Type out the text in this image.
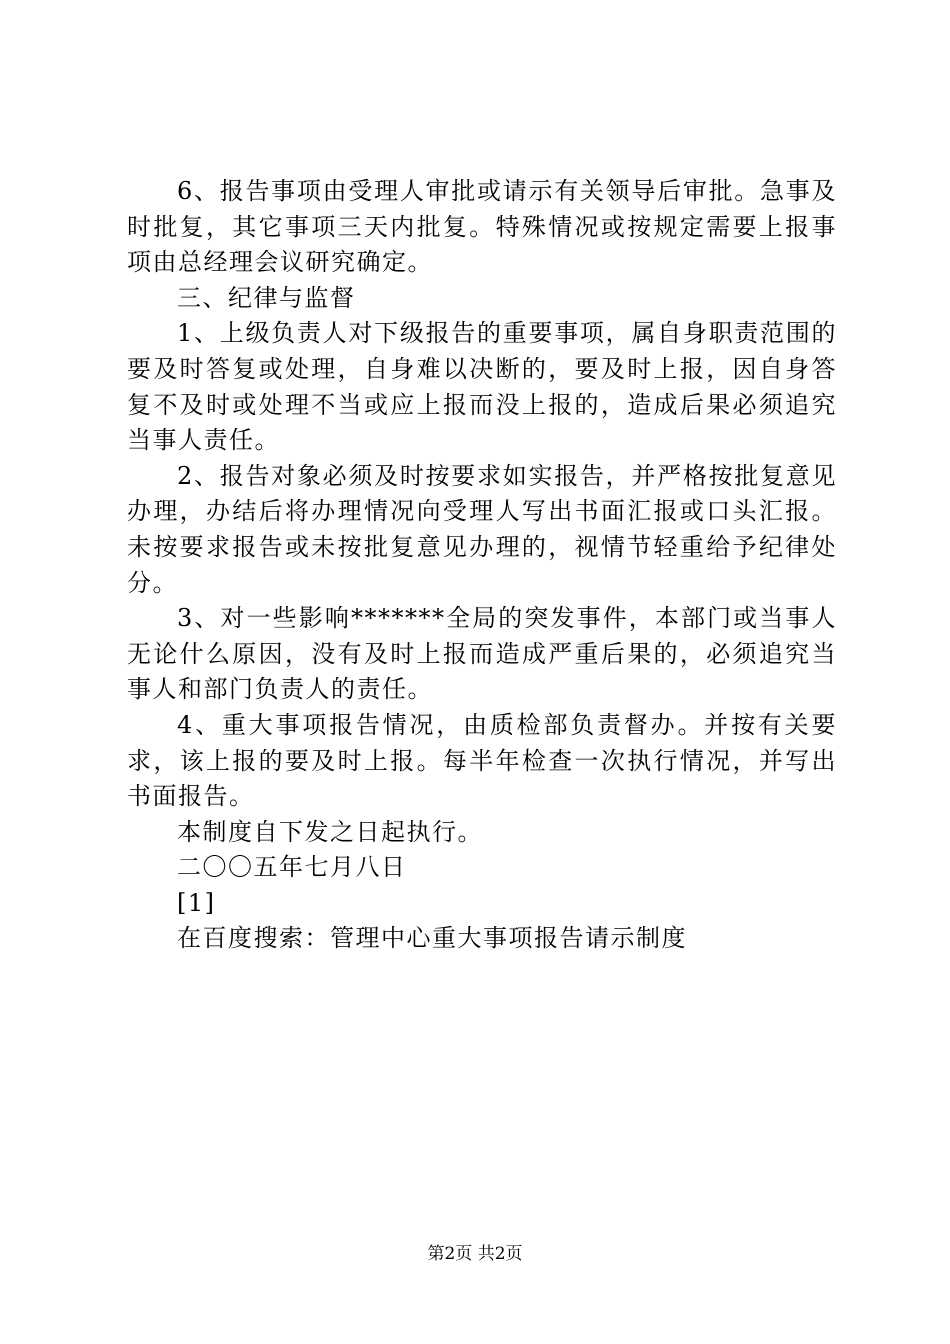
6、报告事项由受理人审批或请示有关领导后审批。急事及时批复，其它事项三天内批复。特殊情况或按规定需要上报事项由总经理会议研究确定。

三、纪律与监督

1、上级负责人对下级报告的重要事项，属自身职责范围的要及时答复或处理，自身难以决断的，要及时上报，因自身答复不及时或处理不当或应上报而没上报的，造成后果必须追究当事人责任。

2、报告对象必须及时按要求如实报告，并严格按批复意见办理，办结后将办理情况向受理人写出书面汇报或口头汇报。未按要求报告或未按批复意见办理的，视情节轻重给予纪律处分。

3、对一些影响*******全局的突发事件，本部门或当事人无论什么原因，没有及时上报而造成严重后果的，必须追究当事人和部门负责人的责任。

4、重大事项报告情况，由质检部负责督办。并按有关要求，该上报的要及时上报。每半年检查一次执行情况，并写出书面报告。

本制度自下发之日起执行。

二〇〇五年七月八日

[1]

在百度搜索：管理中心重大事项报告请示制度

第2页 共2页
